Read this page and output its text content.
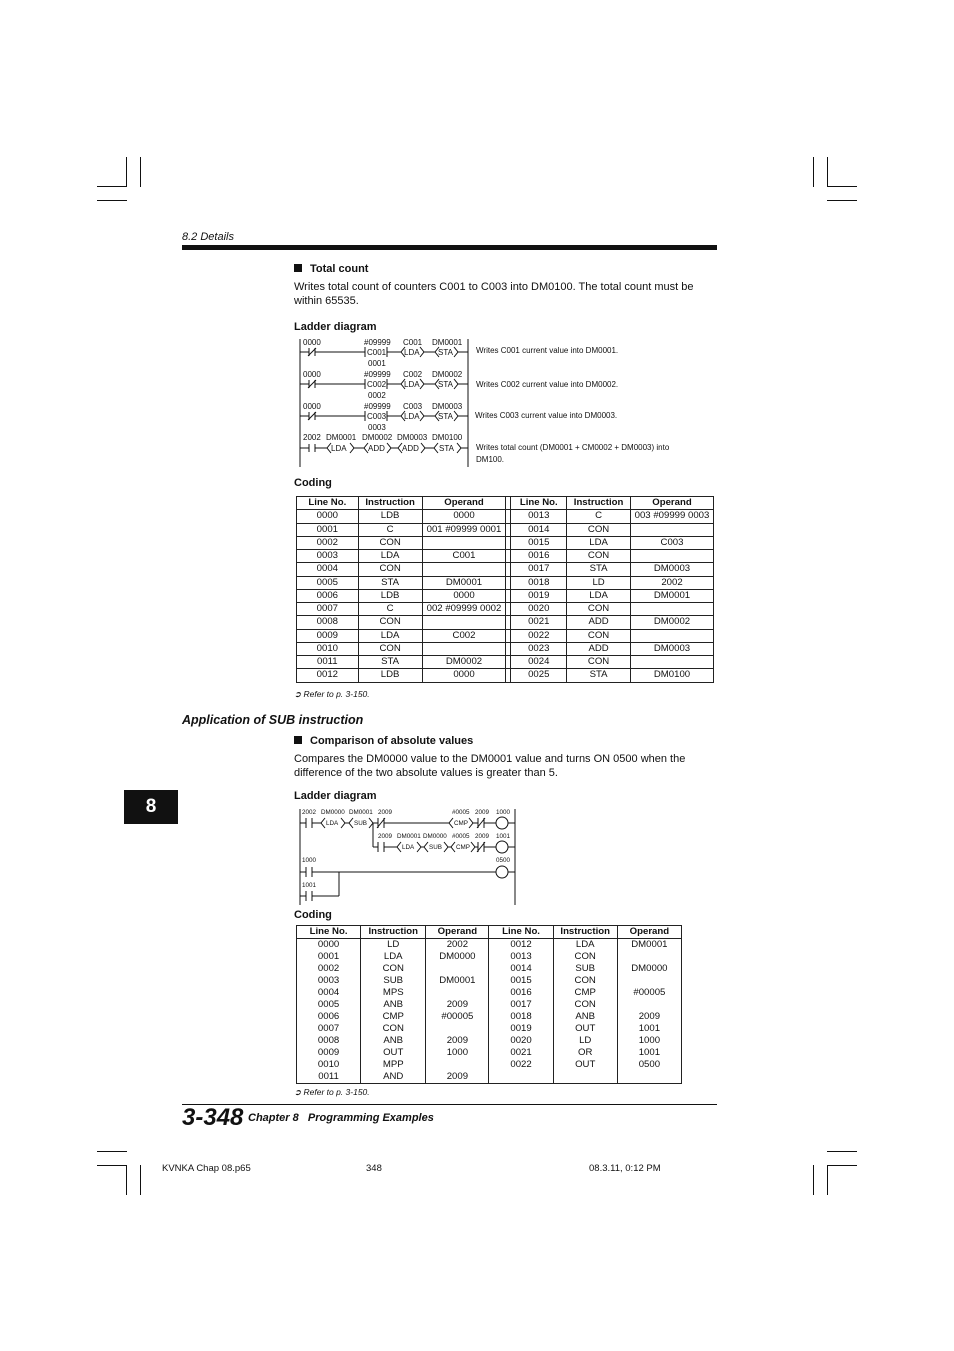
8.2 Details
Total count
Writes total count of counters C001 to C003 into DM0100. The total count must be
within 65535.
Ladder diagram
0000	#09999 C001 DM0001
C001
0001
LDA STA	Writes C001 current value into DM0001.
0000	#09999 C002 DM0002
C002
0002
LDA STA	Writes C002 current value into DM0002.
0000	#09999 C003 DM0003
C003
0003
LDA STA	Writes C003 current value into DM0003.
2002 DM0001 DM0002 DM0003 DM0100
LDA	ADD ADD	STA	Writes total count (DM0001 + CM0002 + DM0003) into
DM100.
Coding
Line No.	Instruction	Operand		Line No.	Instruction	Operand
0000	LDB	0000		0013	C	003 #09999 0003
0001	C	001 #09999 0001		0014	CON	
0002	CON			0015	LDA	C003
0003	LDA	C001		0016	CON	
0004	CON			0017	STA	DM0003
0005	STA	DM0001		0018	LD	2002
0006	LDB	0000		0019	LDA	DM0001
0007	C	002 #09999 0002		0020	CON	
0008	CON			0021	ADD	DM0002
0009	LDA	C002		0022	CON	
0010	CON			0023	ADD	DM0003
0011	STA	DM0002		0024	CON	
0012	LDB	0000		0025	STA	DM0100
➲ Refer to p. 3-150.
Application of SUB instruction
Comparison of absolute values
Compares the DM0000 value to the DM0001 value and turns ON 0500 when the
difference of the two absolute values is greater than 5.
Ladder diagram
2002 DM0000 DM0001 2009	#0005 2009 1000
LDA	SUB	CMP
2009 DM0001 DM0000 #0005 2009 1001
LDA SUB CMP
1000	0500
1001
Coding
Line No.	Instruction	Operand	Line No.	Instruction	Operand
0000	LD	2002	0012	LDA	DM0001
0001	LDA	DM0000	0013	CON	
0002	CON		0014	SUB	DM0000
0003	SUB	DM0001	0015	CON	
0004	MPS		0016	CMP	#00005
0005	ANB	2009	0017	CON	
0006	CMP	#00005	0018	ANB	2009
0007	CON		0019	OUT	1001
0008	ANB	2009	0020	LD	1000
0009	OUT	1000	0021	OR	1001
0010	MPP		0022	OUT	0500
0011	AND	2009			
➲ Refer to p. 3-150.
8
3-348 Chapter 8   Programming Examples
KVNKA Chap 08.p65	348	08.3.11, 0:12 PM
